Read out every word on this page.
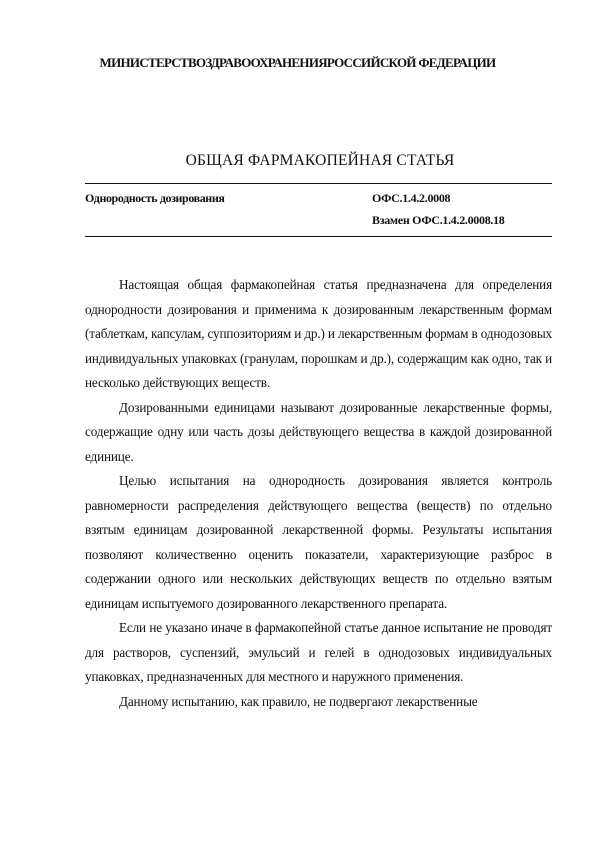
МИНИСТЕРСТВОЗДРАВООХРАНЕНИЯРОССИЙСКОЙ ФЕДЕРАЦИИ
ОБЩАЯ ФАРМАКОПЕЙНАЯ СТАТЬЯ
Однородность дозирования	ОФС.1.4.2.0008
Взамен ОФС.1.4.2.0008.18

Настоящая общая фармакопейная статья предназначена для определения однородности дозирования и применима к дозированным лекарственным формам (таблеткам, капсулам, суппозиториям и др.) и лекарственным формам в однодозовых индивидуальных упаковках (гранулам, порошкам и др.), содержащим как одно, так и несколько действующих веществ.

Дозированными единицами называют дозированные лекарственные формы, содержащие одну или часть дозы действующего вещества в каждой дозированной единице.

Целью испытания на однородность дозирования является контроль равномерности распределения действующего вещества (веществ) по отдельно взятым единицам дозированной лекарственной формы. Результаты испытания позволяют количественно оценить показатели, характеризующие разброс в содержании одного или нескольких действующих веществ по отдельно взятым единицам испытуемого дозированного лекарственного препарата.

Если не указано иначе в фармакопейной статье данное испытание не проводят для растворов, суспензий, эмульсий и гелей в однодозовых индивидуальных упаковках, предназначенных для местного и наружного применения.

Данному испытанию, как правило, не подвергают лекарственные
